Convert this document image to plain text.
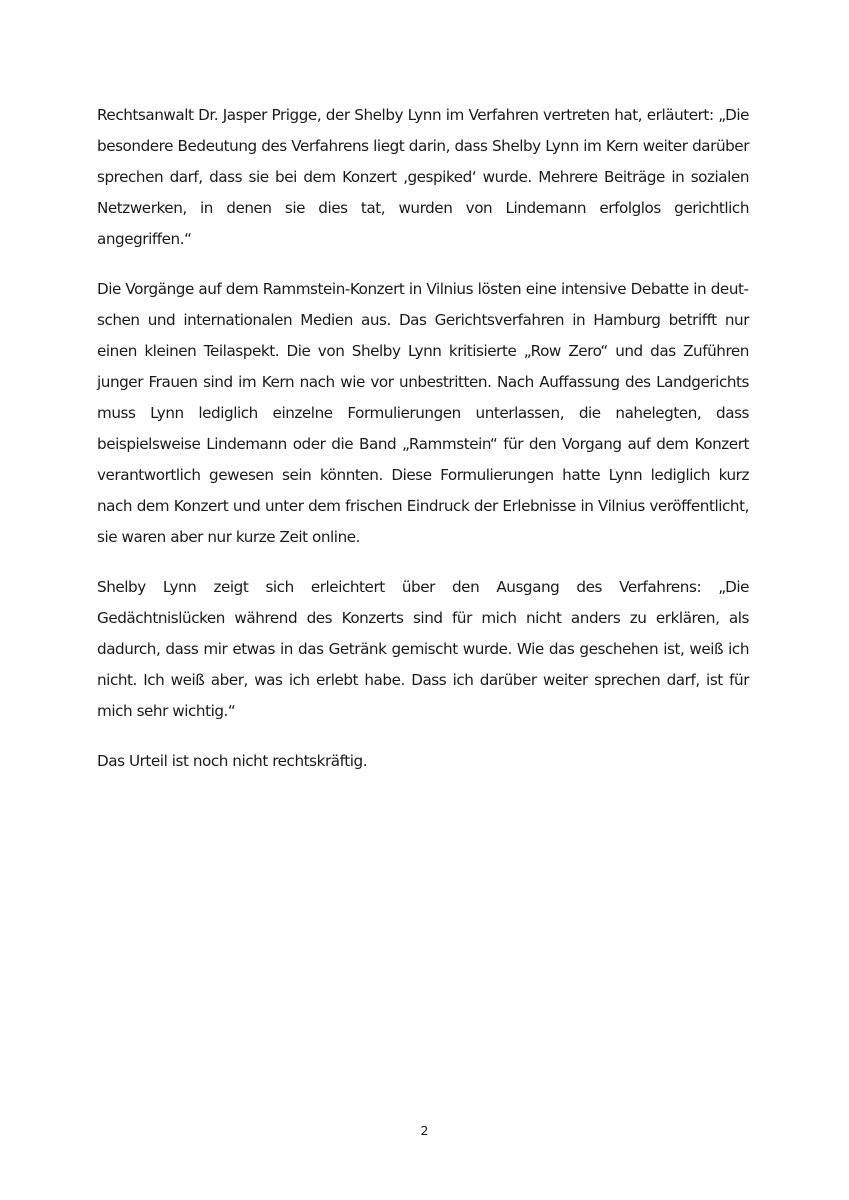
Rechtsanwalt Dr. Jasper Prigge, der Shelby Lynn im Verfahren vertreten hat, erläutert: „Die besondere Bedeutung des Verfahrens liegt darin, dass Shelby Lynn im Kern weiter darüber sprechen darf, dass sie bei dem Konzert ‚gespiked‘ wurde. Mehrere Beiträge in sozialen Netzwerken, in denen sie dies tat, wurden von Lindemann erfolglos gerichtlich angegriffen.“

Die Vorgänge auf dem Rammstein-Konzert in Vilnius lösten eine intensive Debatte in deutschen und internationalen Medien aus. Das Gerichtsverfahren in Hamburg betrifft nur einen kleinen Teilaspekt. Die von Shelby Lynn kritisierte „Row Zero“ und das Zuführen junger Frauen sind im Kern nach wie vor unbestritten. Nach Auffassung des Landgerichts muss Lynn lediglich einzelne Formulierungen unterlassen, die nahelegten, dass beispielsweise Lindemann oder die Band „Rammstein“ für den Vorgang auf dem Konzert verantwortlich gewesen sein könnten. Diese Formulierungen hatte Lynn lediglich kurz nach dem Konzert und unter dem frischen Eindruck der Erlebnisse in Vilnius veröffentlicht, sie waren aber nur kurze Zeit online.

Shelby Lynn zeigt sich erleichtert über den Ausgang des Verfahrens: „Die Gedächtnislücken während des Konzerts sind für mich nicht anders zu erklären, als dadurch, dass mir etwas in das Getränk gemischt wurde. Wie das geschehen ist, weiß ich nicht. Ich weiß aber, was ich erlebt habe. Dass ich darüber weiter sprechen darf, ist für mich sehr wichtig.“

Das Urteil ist noch nicht rechtskräftig.

2
